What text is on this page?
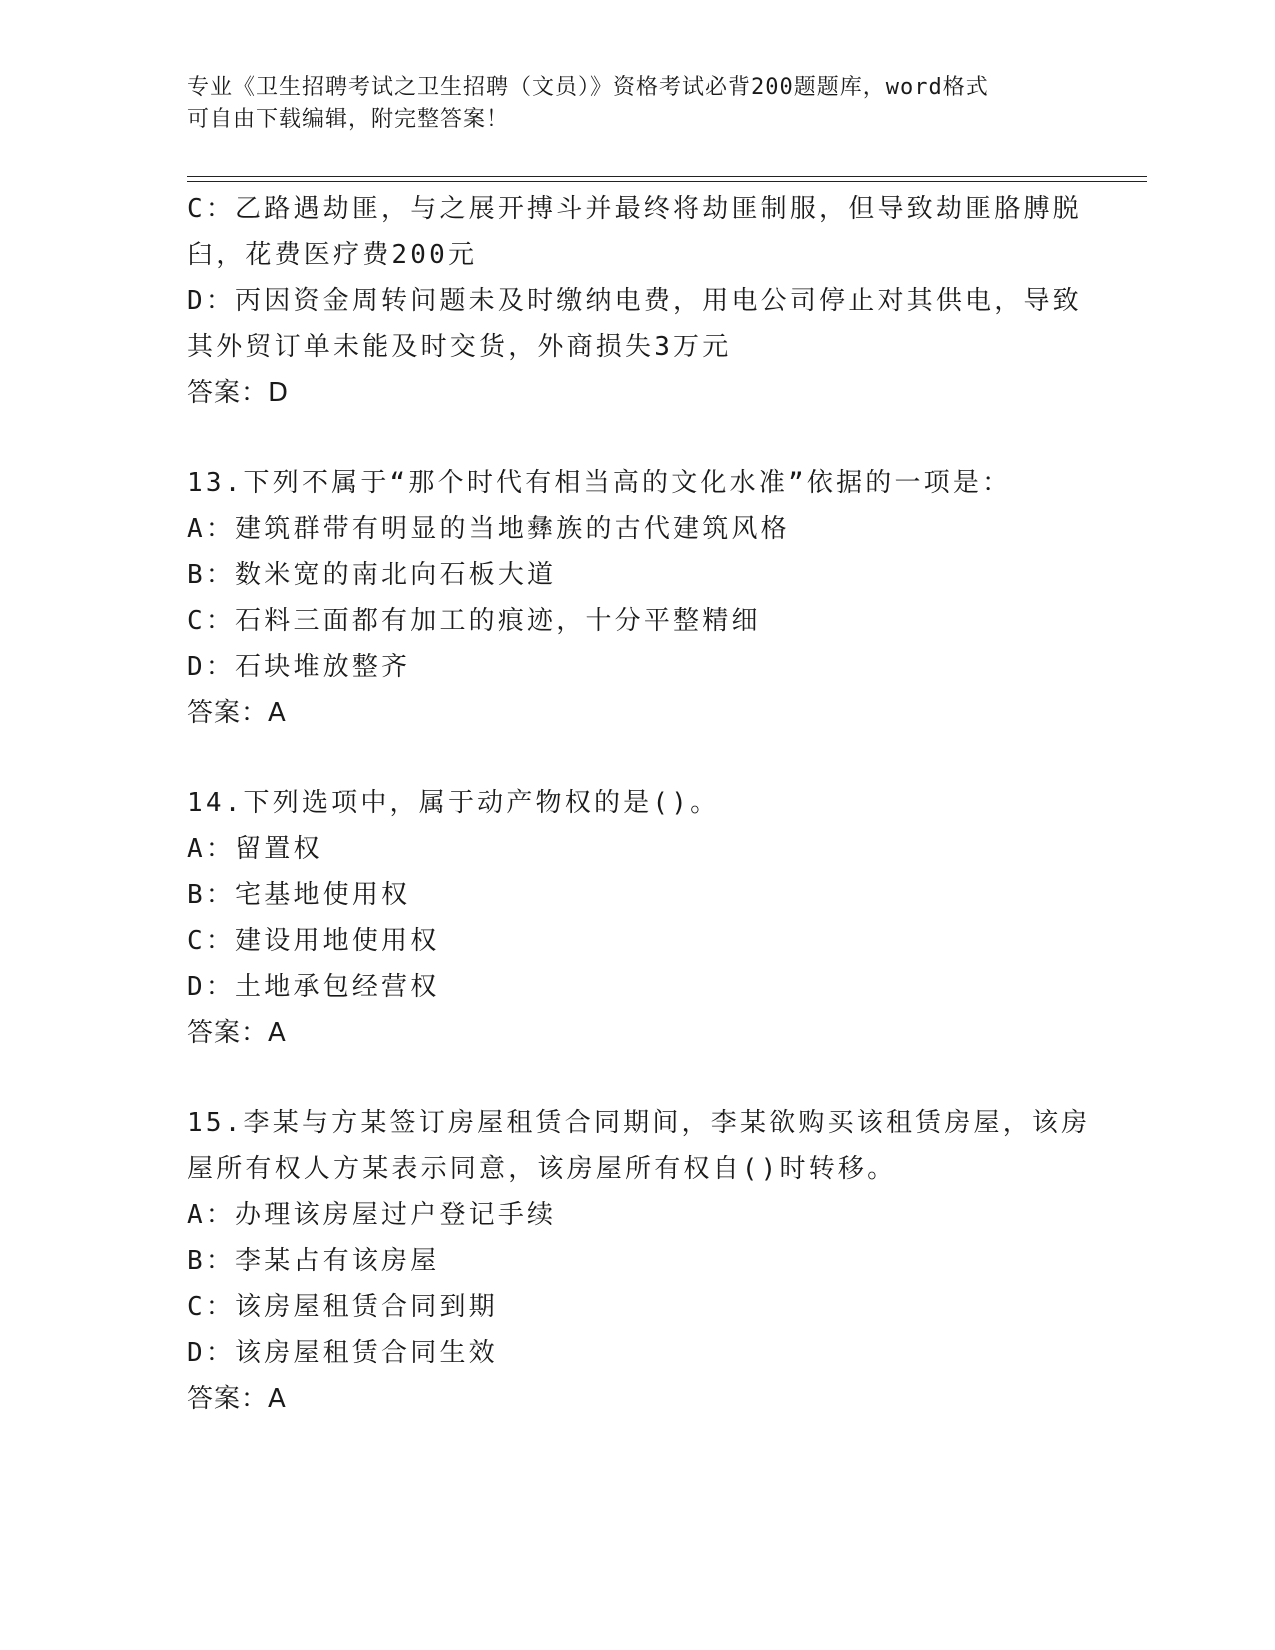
专业《卫生招聘考试之卫生招聘（文员）》资格考试必背200题题库，word格式
可自由下载编辑，附完整答案！
C：乙路遇劫匪，与之展开搏斗并最终将劫匪制服，但导致劫匪胳膊脱
臼，花费医疗费200元
D：丙因资金周转问题未及时缴纳电费，用电公司停止对其供电，导致
其外贸订单未能及时交货，外商损失3万元
答案：D
13.下列不属于“那个时代有相当高的文化水准”依据的一项是：
A：建筑群带有明显的当地彝族的古代建筑风格
B：数米宽的南北向石板大道
C：石料三面都有加工的痕迹，十分平整精细
D：石块堆放整齐
答案：A
14.下列选项中，属于动产物权的是()。
A：留置权
B：宅基地使用权
C：建设用地使用权
D：土地承包经营权
答案：A
15.李某与方某签订房屋租赁合同期间，李某欲购买该租赁房屋，该房
屋所有权人方某表示同意，该房屋所有权自()时转移。
A：办理该房屋过户登记手续
B：李某占有该房屋
C：该房屋租赁合同到期
D：该房屋租赁合同生效
答案：A
